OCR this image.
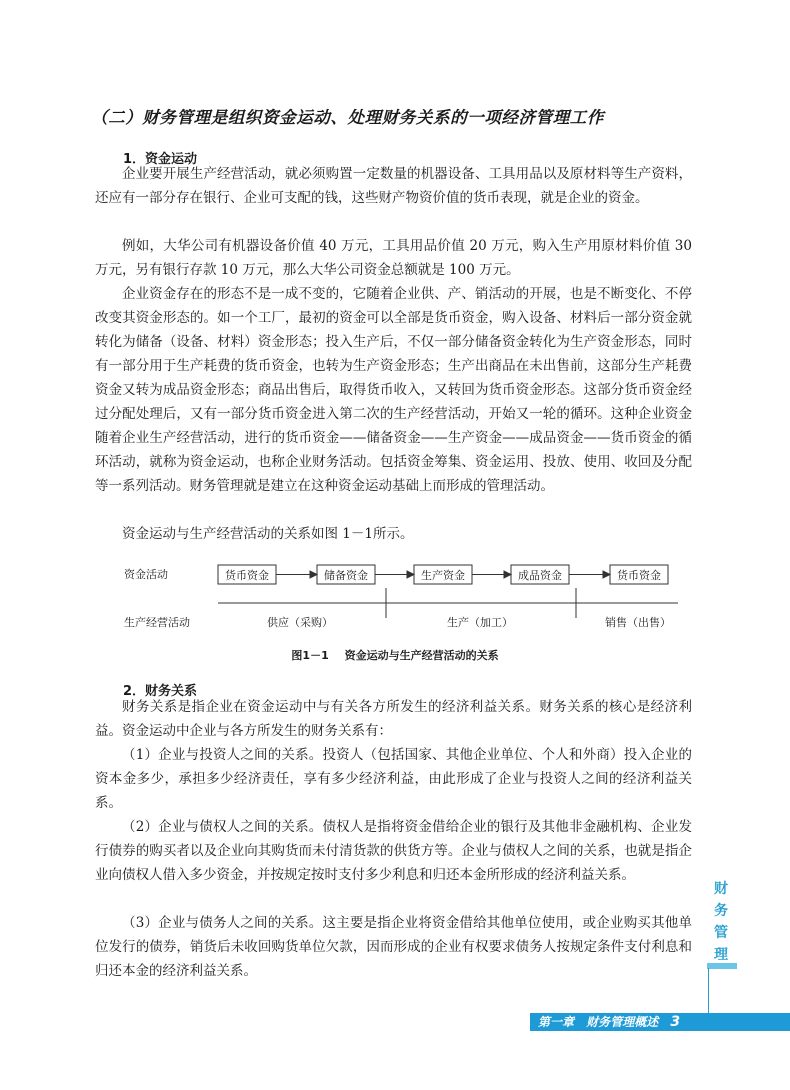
（二）财务管理是组织资金运动、处理财务关系的一项经济管理工作
1．资金运动

企业要开展生产经营活动，就必须购置一定数量的机器设备、工具用品以及原材料等生产资料，还应有一部分存在银行、企业可支配的钱，这些财产物资价值的货币表现，就是企业的资金。

例如，大华公司有机器设备价值 40 万元，工具用品价值 20 万元，购入生产用原材料价值 30 万元，另有银行存款 10 万元，那么大华公司资金总额就是 100 万元。

企业资金存在的形态不是一成不变的，它随着企业供、产、销活动的开展，也是不断变化、不停改变其资金形态的。如一个工厂，最初的资金可以全部是货币资金，购入设备、材料后一部分资金就转化为储备（设备、材料）资金形态；投入生产后，不仅一部分储备资金转化为生产资金形态，同时有一部分用于生产耗费的货币资金，也转为生产资金形态；生产出商品在未出售前，这部分生产耗费资金又转为成品资金形态；商品出售后，取得货币收入，又转回为货币资金形态。这部分货币资金经过分配处理后，又有一部分货币资金进入第二次的生产经营活动，开始又一轮的循环。这种企业资金随着企业生产经营活动，进行的货币资金——储备资金——生产资金——成品资金——货币资金的循环活动，就称为资金运动，也称企业财务活动。包括资金筹集、资金运用、投放、使用、收回及分配等一系列活动。财务管理就是建立在这种资金运动基础上而形成的管理活动。

资金运动与生产经营活动的关系如图 1－1所示。

资金活动	货币资金	储备资金	生产资金	成品资金	货币资金
生产经营活动	供应（采购）	生产（加工）	销售（出售）
图1－1 资金运动与生产经营活动的关系
2．财务关系

财务关系是指企业在资金运动中与有关各方所发生的经济利益关系。财务关系的核心是经济利益。资金运动中企业与各方所发生的财务关系有：

（1）企业与投资人之间的关系。投资人（包括国家、其他企业单位、个人和外商）投入企业的资本金多少，承担多少经济责任，享有多少经济利益，由此形成了企业与投资人之间的经济利益关系。

（2）企业与债权人之间的关系。债权人是指将资金借给企业的银行及其他非金融机构、企业发行债券的购买者以及企业向其购货而未付清货款的供货方等。企业与债权人之间的关系，也就是指企业向债权人借入多少资金，并按规定按时支付多少利息和归还本金所形成的经济利益关系。

（3）企业与债务人之间的关系。这主要是指企业将资金借给其他单位使用，或企业购买其他单位发行的债券，销货后未收回购货单位欠款，因而形成的企业有权要求债务人按规定条件支付利息和归还本金的经济利益关系。

财
务
管
理
第一章 财务管理概述 3
